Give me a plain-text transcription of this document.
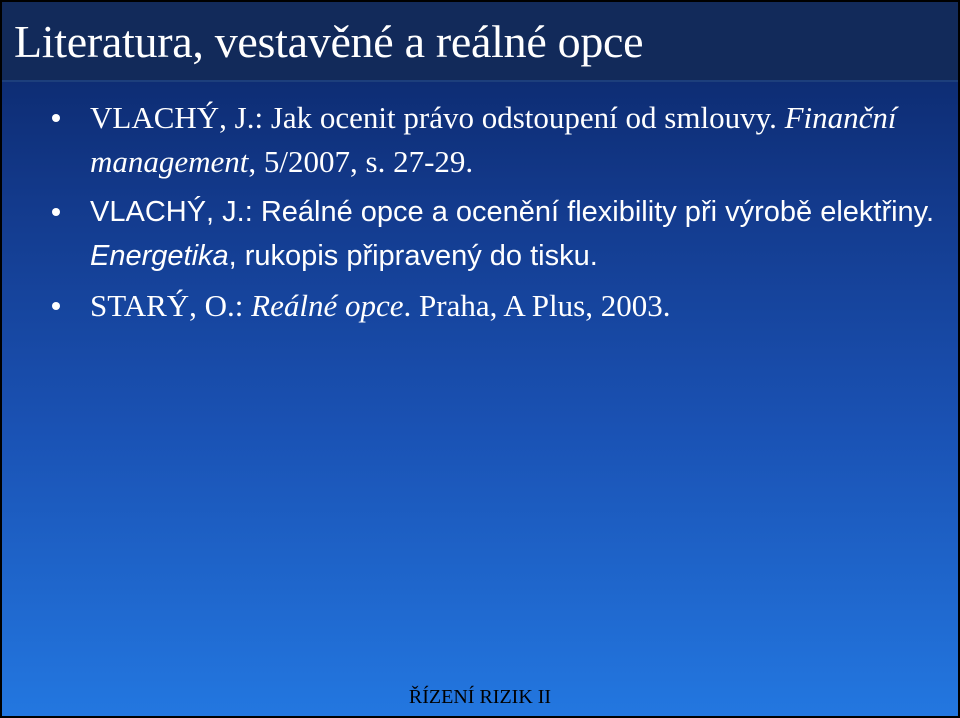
Literatura, vestavěné a reálné opce
VLACHÝ, J.: Jak ocenit právo odstoupení od smlouvy. Finanční management, 5/2007, s. 27-29.
VLACHÝ, J.: Reálné opce a ocenění flexibility při výrobě elektřiny. Energetika, rukopis připravený do tisku.
STARÝ, O.: Reálné opce. Praha, A Plus, 2003.
ŘÍZENÍ RIZIK II
